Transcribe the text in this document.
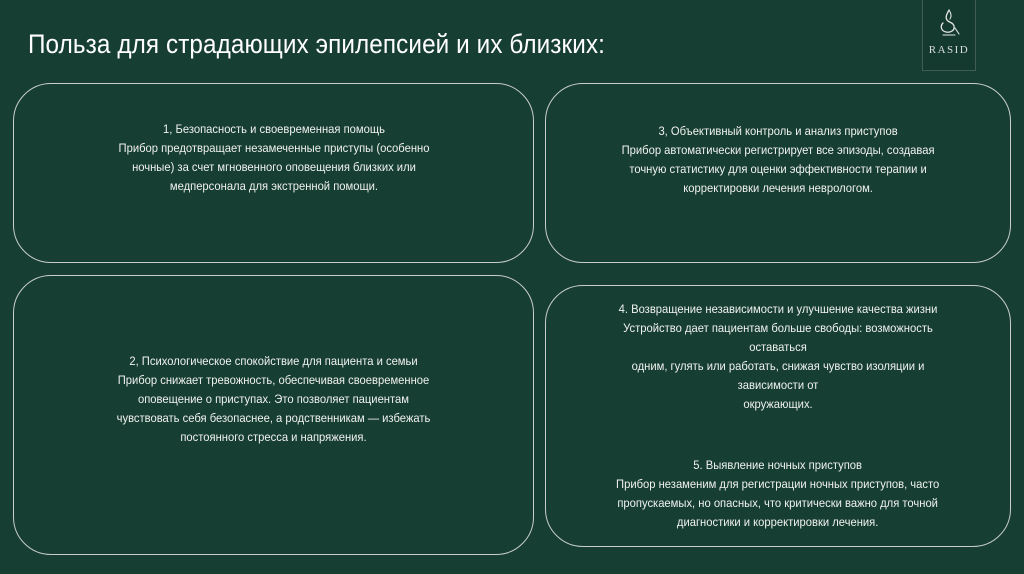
Польза для страдающих эпилепсией и их близких:	RASID
1, Безопасность и своевременная помощь
Прибор предотвращает незамеченные приступы (особенно
ночные) за счет мгновенного оповещения близких или
медперсонала для экстренной помощи.
3, Объективный контроль и анализ приступов
Прибор автоматически регистрирует все эпизоды, создавая
точную статистику для оценки эффективности терапии и
корректировки лечения неврологом.
2, Психологическое спокойствие для пациента и семьи
Прибор снижает тревожность, обеспечивая своевременное
оповещение о приступах. Это позволяет пациентам
чувствовать себя безопаснее, а родственникам — избежать
постоянного стресса и напряжения.
4. Возвращение независимости и улучшение качества жизни
Устройство дает пациентам больше свободы: возможность оставаться
одним, гулять или работать, снижая чувство изоляции и зависимости от
окружающих.
5. Выявление ночных приступов
Прибор незаменим для регистрации ночных приступов, часто
пропускаемых, но опасных, что критически важно для точной
диагностики и корректировки лечения.
